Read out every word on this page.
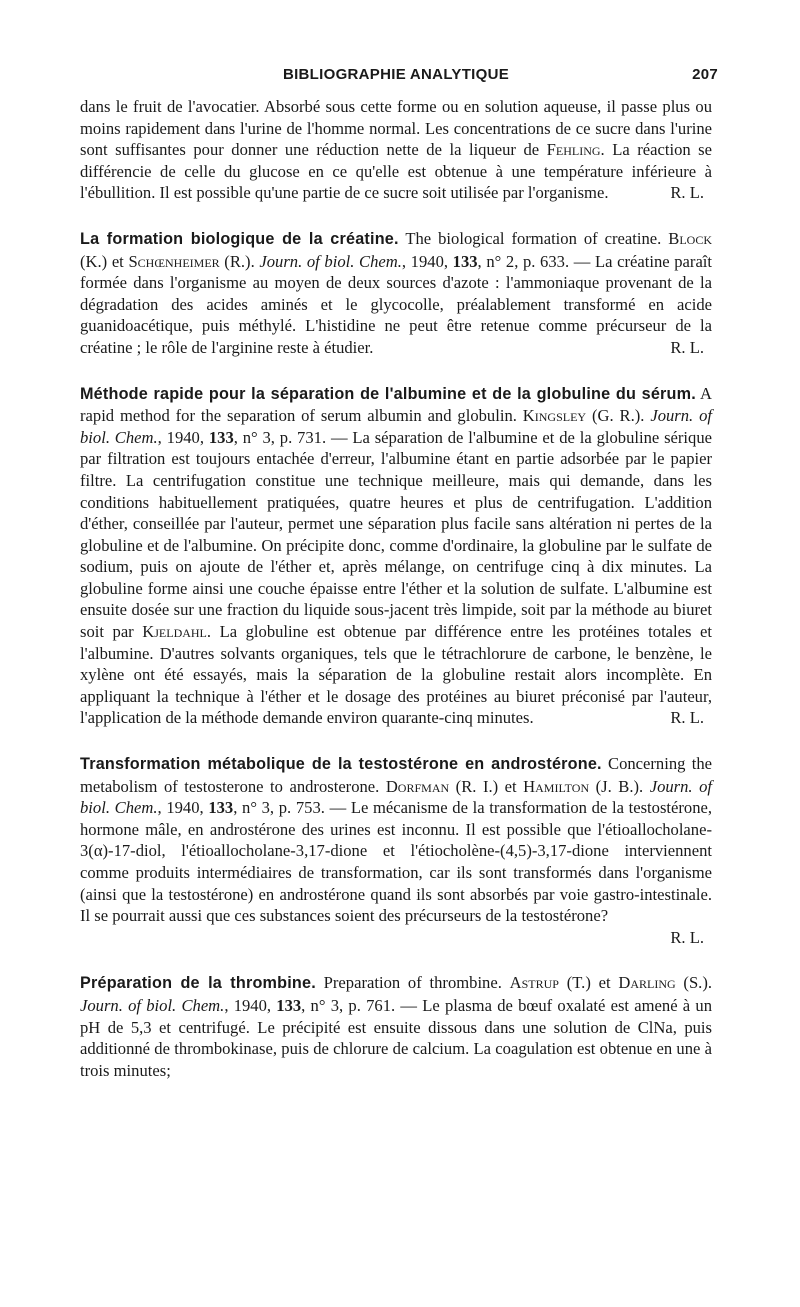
BIBLIOGRAPHIE ANALYTIQUE	207

dans le fruit de l'avocatier. Absorbé sous cette forme ou en solution aqueuse, il passe plus ou moins rapidement dans l'urine de l'homme normal. Les concentrations de ce sucre dans l'urine sont suffisantes pour donner une réduction nette de la liqueur de Fehling. La réaction se différencie de celle du glucose en ce qu'elle est obtenue à une température inférieure à l'ébullition. Il est possible qu'une partie de ce sucre soit utilisée par l'organisme.	R. L.

La formation biologique de la créatine. The biological formation of creatine. Block (K.) et Schœnheimer (R.). Journ. of biol. Chem., 1940, 133, n° 2, p. 633. — La créatine paraît formée dans l'organisme au moyen de deux sources d'azote : l'ammoniaque provenant de la dégradation des acides aminés et le glycocolle, préalablement transformé en acide guanidoacétique, puis méthylé. L'histidine ne peut être retenue comme précurseur de la créatine ; le rôle de l'arginine reste à étudier.	R. L.

Méthode rapide pour la séparation de l'albumine et de la globuline du sérum. A rapid method for the separation of serum albumin and globulin. Kingsley (G. R.). Journ. of biol. Chem., 1940, 133, n° 3, p. 731. — La séparation de l'albumine et de la globuline sérique par filtration est toujours entachée d'erreur, l'albumine étant en partie adsorbée par le papier filtre. La centrifugation constitue une technique meilleure, mais qui demande, dans les conditions habituellement pratiquées, quatre heures et plus de centrifugation. L'addition d'éther, conseillée par l'auteur, permet une séparation plus facile sans altération ni pertes de la globuline et de l'albumine. On précipite donc, comme d'ordinaire, la globuline par le sulfate de sodium, puis on ajoute de l'éther et, après mélange, on centrifuge cinq à dix minutes. La globuline forme ainsi une couche épaisse entre l'éther et la solution de sulfate. L'albumine est ensuite dosée sur une fraction du liquide sous-jacent très limpide, soit par la méthode au biuret soit par Kjeldahl. La globuline est obtenue par différence entre les protéines totales et l'albumine. D'autres solvants organiques, tels que le tétrachlorure de carbone, le benzène, le xylène ont été essayés, mais la séparation de la globuline restait alors incomplète. En appliquant la technique à l'éther et le dosage des protéines au biuret préconisé par l'auteur, l'application de la méthode demande environ quarante-cinq minutes.	R. L.

Transformation métabolique de la testostérone en androstérone. Concerning the metabolism of testosterone to androsterone. Dorfman (R. I.) et Hamilton (J. B.). Journ. of biol. Chem., 1940, 133, n° 3, p. 753. — Le mécanisme de la transformation de la testostérone, hormone mâle, en androstérone des urines est inconnu. Il est possible que l'étioallocholane-3(α)-17-diol, l'étioallocholane-3,17-dione et l'étiocholène-(4,5)-3,17-dione interviennent comme produits intermédiaires de transformation, car ils sont transformés dans l'organisme (ainsi que la testostérone) en androstérone quand ils sont absorbés par voie gastro-intestinale. Il se pourrait aussi que ces substances soient des précurseurs de la testostérone?

R. L.

Préparation de la thrombine. Preparation of thrombine. Astrup (T.) et Darling (S.). Journ. of biol. Chem., 1940, 133, n° 3, p. 761. — Le plasma de bœuf oxalaté est amené à un pH de 5,3 et centrifugé. Le précipité est ensuite dissous dans une solution de ClNa, puis additionné de thrombokinase, puis de chlorure de calcium. La coagulation est obtenue en une à trois minutes;
